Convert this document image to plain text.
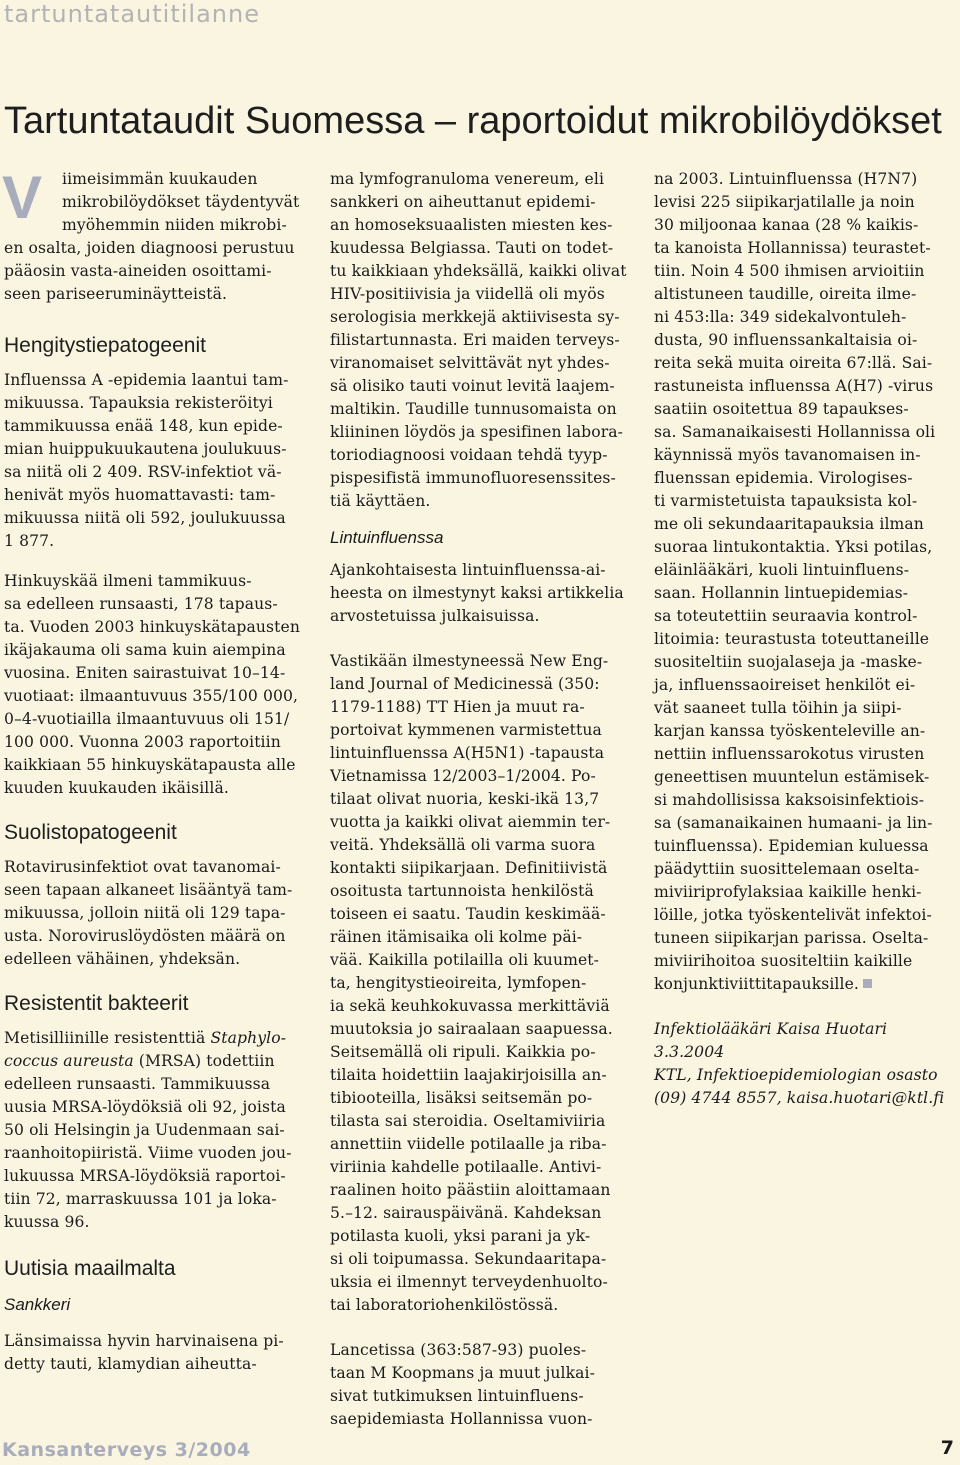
tartuntatautitilanne
Tartuntataudit Suomessa – raportoidut mikrobilöydökset
V	iimeisimmän kuukauden
mikrobilöydökset täydentyvät
myöhemmin niiden mikrobi-
en osalta, joiden diagnoosi perustuu
pääosin vasta-aineiden osoittami-
seen pariseeruminäytteistä.
Hengitystiepatogeenit
Influenssa A -epidemia laantui tam-
mikuussa. Tapauksia rekisteröityi
tammikuussa enää 148, kun epide-
mian huippukuukautena joulukuus-
sa niitä oli 2 409. RSV-infektiot vä-
henivät myös huomattavasti: tam-
mikuussa niitä oli 592, joulukuussa
1 877.
Hinkuyskää ilmeni tammikuus-
sa edelleen runsaasti, 178 tapaus-
ta. Vuoden 2003 hinkuyskätapausten
ikäjakauma oli sama kuin aiempina
vuosina. Eniten sairastuivat 10–14-
vuotiaat: ilmaantuvuus 355/100 000,
0–4-vuotiailla ilmaantuvuus oli 151/
100 000. Vuonna 2003 raportoitiin
kaikkiaan 55 hinkuyskätapausta alle
kuuden kuukauden ikäisillä.
Suolistopatogeenit
Rotavirusinfektiot ovat tavanomai-
seen tapaan alkaneet lisääntyä tam-
mikuussa, jolloin niitä oli 129 tapa-
usta. Noroviruslöydösten määrä on
edelleen vähäinen, yhdeksän.
Resistentit bakteerit
Metisilliinille resistenttiä Staphylo-
coccus aureusta (MRSA) todettiin
edelleen runsaasti. Tammikuussa
uusia MRSA-löydöksiä oli 92, joista
50 oli Helsingin ja Uudenmaan sai-
raanhoitopiiristä. Viime vuoden jou-
lukuussa MRSA-löydöksiä raportoi-
tiin 72, marraskuussa 101 ja loka-
kuussa 96.
Uutisia maailmalta
Sankkeri
Länsimaissa hyvin harvinaisena pi-
detty tauti, klamydian aiheutta-
ma lymfogranuloma venereum, eli
sankkeri on aiheuttanut epidemi-
an homoseksuaalisten miesten kes-
kuudessa Belgiassa. Tauti on todet-
tu kaikkiaan yhdeksällä, kaikki olivat
HIV-positiivisia ja viidellä oli myös
serologisia merkkejä aktiivisesta sy-
filistartunnasta. Eri maiden terveys-
viranomaiset selvittävät nyt yhdes-
sä olisiko tauti voinut levitä laajem-
maltikin. Taudille tunnusomaista on
kliininen löydös ja spesifinen labora-
toriodiagnoosi voidaan tehdä tyyp-
pispesifistä immunofluoresenssites-
tiä käyttäen.
Lintuinfluenssa
Ajankohtaisesta lintuinfluenssa-ai-
heesta on ilmestynyt kaksi artikkelia
arvostetuissa julkaisuissa.
Vastikään ilmestyneessä New Eng-
land Journal of Medicinessä (350:
1179-1188) TT Hien ja muut ra-
portoivat kymmenen varmistettua
lintuinfluenssa A(H5N1) -tapausta
Vietnamissa 12/2003–1/2004. Po-
tilaat olivat nuoria, keski-ikä 13,7
vuotta ja kaikki olivat aiemmin ter-
veitä. Yhdeksällä oli varma suora
kontakti siipikarjaan. Definitiivistä
osoitusta tartunnoista henkilöstä
toiseen ei saatu. Taudin keskimää-
räinen itämisaika oli kolme päi-
vää. Kaikilla potilailla oli kuumet-
ta, hengitystieoireita, lymfopen-
ia sekä keuhkokuvassa merkittäviä
muutoksia jo sairaalaan saapuessa.
Seitsemällä oli ripuli. Kaikkia po-
tilaita hoidettiin laajakirjoisilla an-
tibiooteilla, lisäksi seitsemän po-
tilasta sai steroidia. Oseltamiviiria
annettiin viidelle potilaalle ja riba-
viriinia kahdelle potilaalle. Antivi-
raalinen hoito päästiin aloittamaan
5.–12. sairauspäivänä. Kahdeksan
potilasta kuoli, yksi parani ja yk-
si oli toipumassa. Sekundaaritapa-
uksia ei ilmennyt terveydenhuolto-
tai laboratoriohenkilöstössä.
Lancetissa (363:587-93) puoles-
taan M Koopmans ja muut julkai-
sivat tutkimuksen lintuinfluens-
saepidemiasta Hollannissa vuon-
na 2003. Lintuinfluenssa (H7N7)
levisi 225 siipikarjatilalle ja noin
30 miljoonaa kanaa (28 % kaikis-
ta kanoista Hollannissa) teurastet-
tiin. Noin 4 500 ihmisen arvioitiin
altistuneen taudille, oireita ilme-
ni 453:lla: 349 sidekalvontuleh-
dusta, 90 influenssankaltaisia oi-
reita sekä muita oireita 67:llä. Sai-
rastuneista influenssa A(H7) -virus
saatiin osoitettua 89 tapaukses-
sa. Samanaikaisesti Hollannissa oli
käynnissä myös tavanomaisen in-
fluenssan epidemia. Virologises-
ti varmistetuista tapauksista kol-
me oli sekundaaritapauksia ilman
suoraa lintukontaktia. Yksi potilas,
eläinlääkäri, kuoli lintuinfluens-
saan. Hollannin lintuepidemias-
sa toteutettiin seuraavia kontrol-
litoimia: teurastusta toteuttaneille
suositeltiin suojalaseja ja -maske-
ja, influenssaoireiset henkilöt ei-
vät saaneet tulla töihin ja siipi-
karjan kanssa työskenteleville an-
nettiin influenssarokotus virusten
geneettisen muuntelun estämisek-
si mahdollisissa kaksoisinfektiois-
sa (samanaikainen humaani- ja lin-
tuinfluenssa). Epidemian kuluessa
päädyttiin suosittelemaan oselta-
miviiriprofylaksiaa kaikille henki-
löille, jotka työskentelivät infektoi-
tuneen siipikarjan parissa. Oselta-
miviirihoitoa suositeltiin kaikille
konjunktiviittitapauksille.
Infektiolääkäri Kaisa Huotari
3.3.2004
KTL, Infektioepidemiologian osasto
(09) 4744 8557, kaisa.huotari@ktl.fi
Kansanterveys 3/2004	7
